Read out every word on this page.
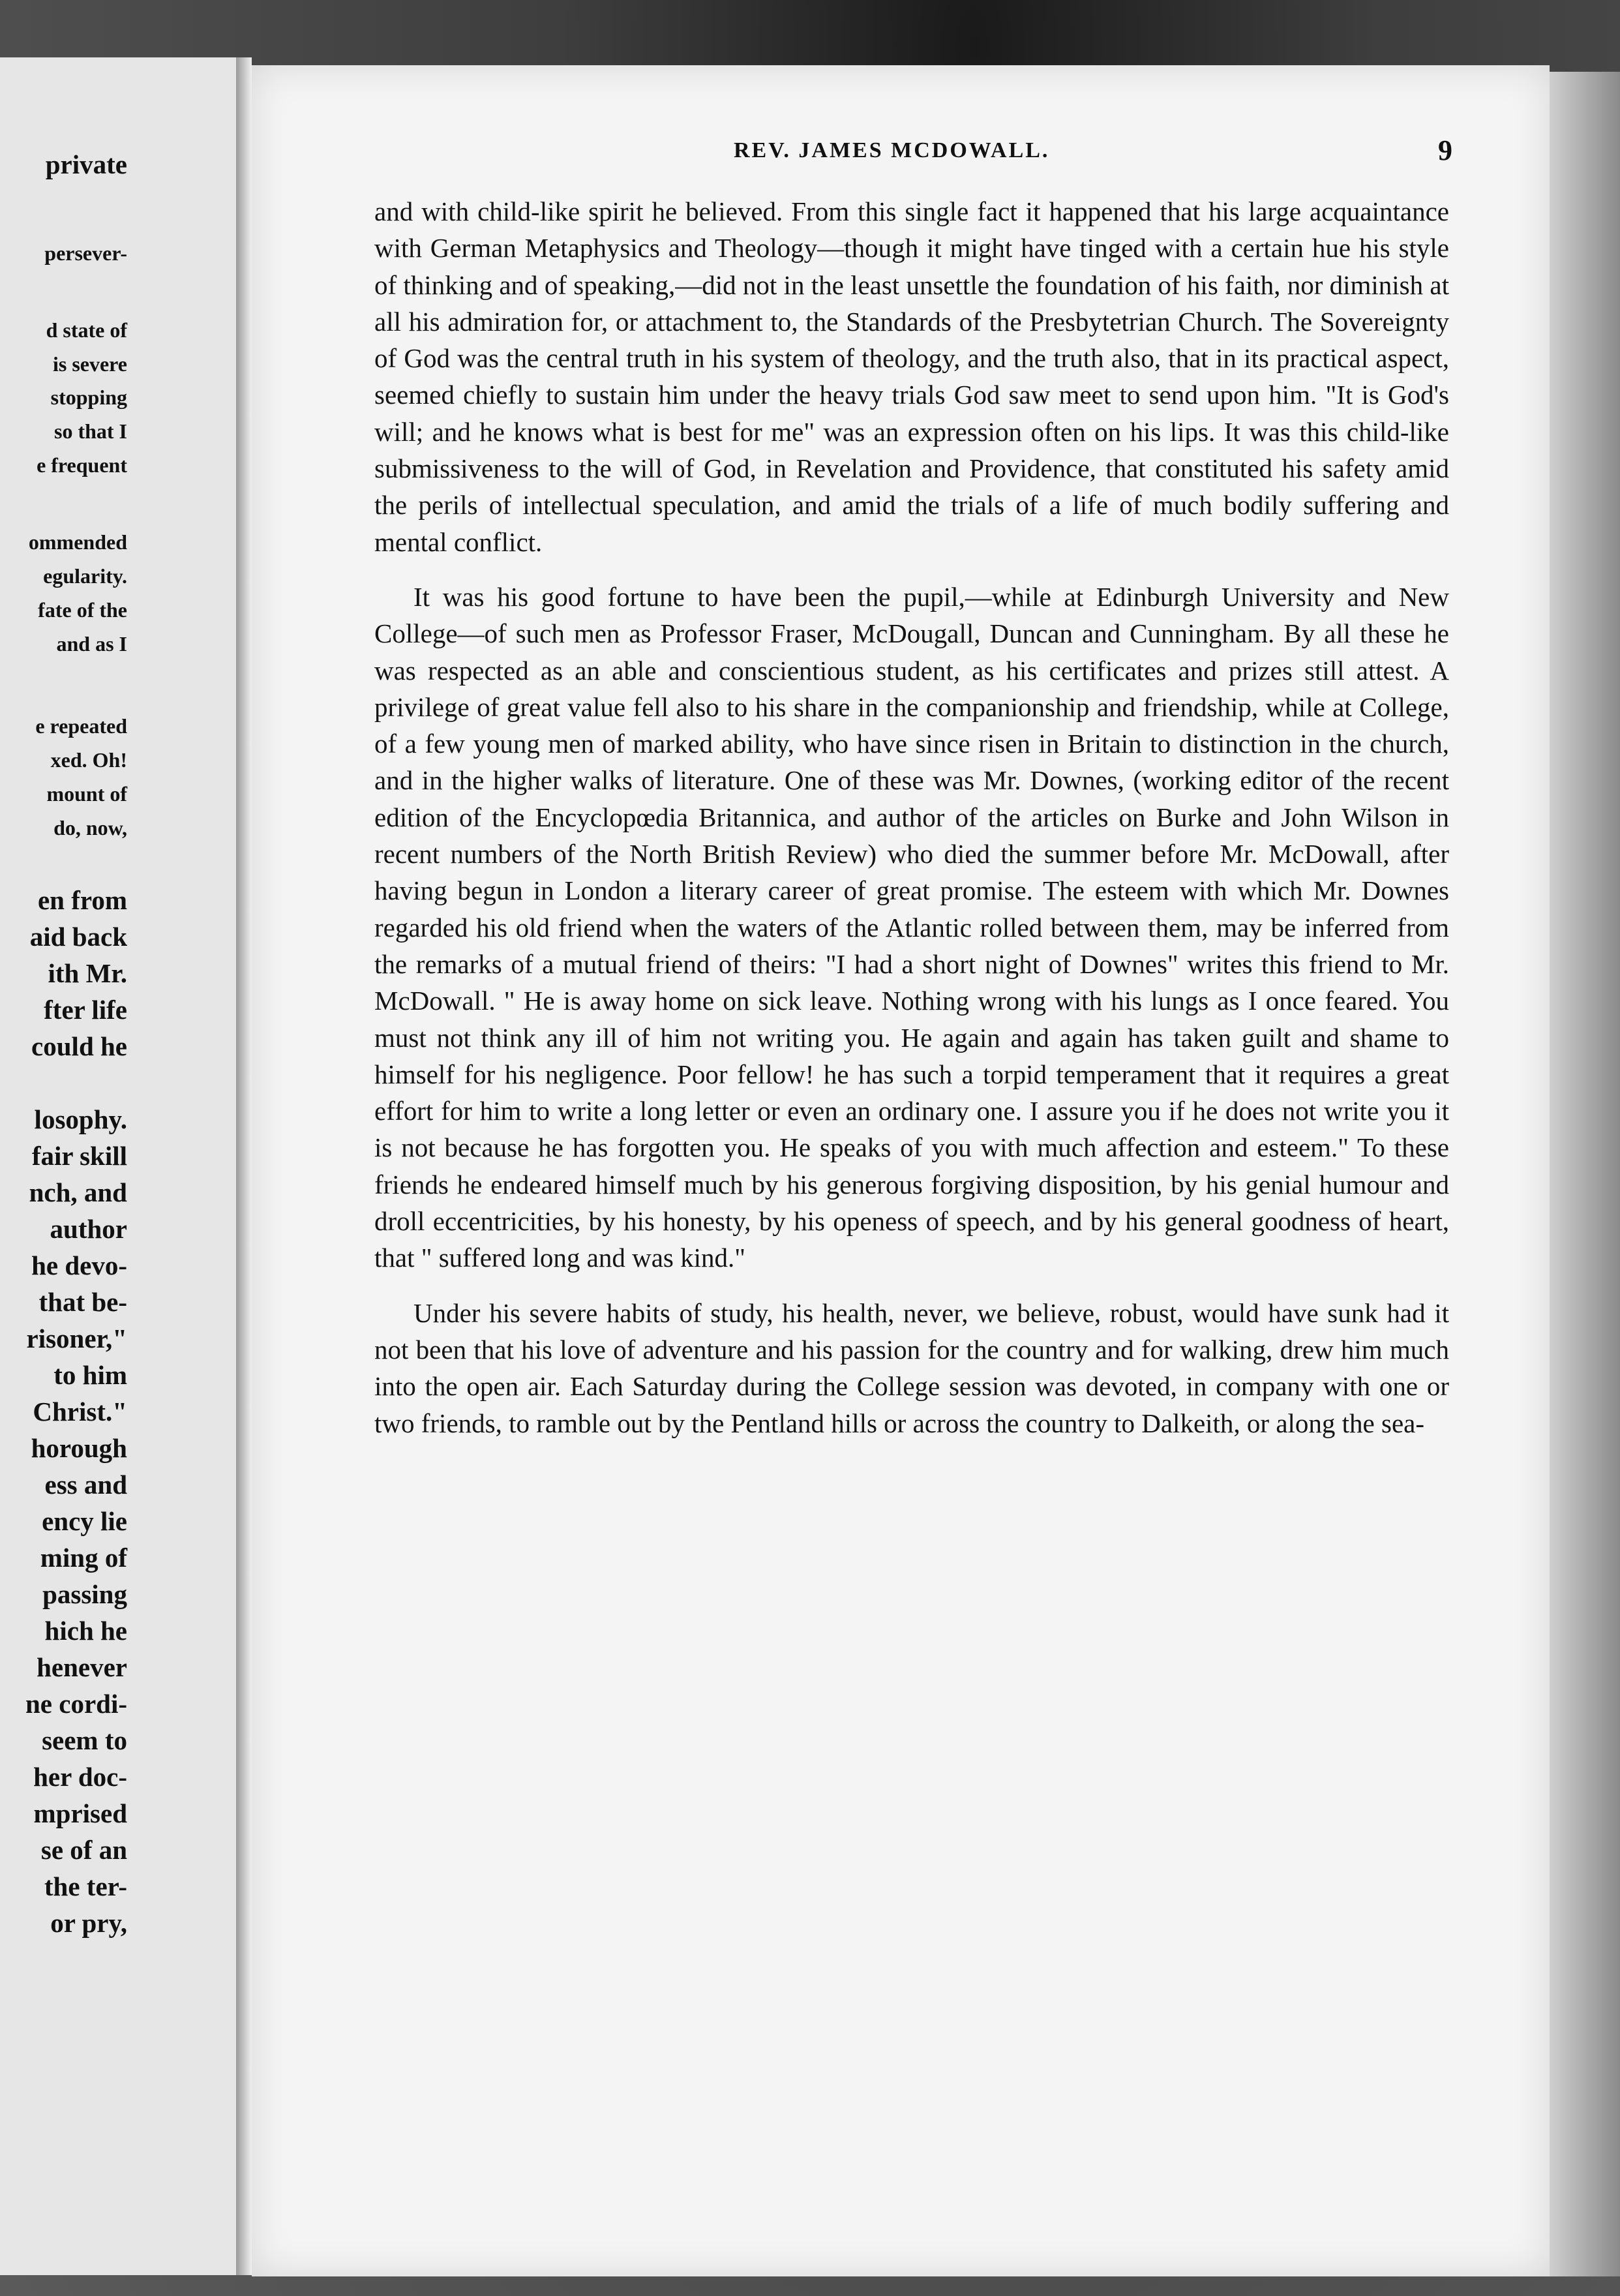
private
persever-
d state of
is severe
stopping
so that I
e frequent
ommended
egularity.
fate of the
and as I
e repeated
xed. Oh!
mount of
do, now,
en from
aid back
ith Mr.
fter life
could he
losophy.
fair skill
nch, and
author
he devo-
that be-
risoner,"
to him
Christ."
horough
ess and
ency lie
ming of
passing
hich he
henever
ne cordi-
seem to
her doc-
mprised
se of an
the ter-
or pry,
REV. JAMES MCDOWALL.	9

and with child-like spirit he believed. From this single fact it happened that his large acquaintance with German Metaphysics and Theology—though it might have tinged with a certain hue his style of thinking and of speaking,—did not in the least unsettle the foundation of his faith, nor diminish at all his admiration for, or attachment to, the Standards of the Presbytetrian Church. The Sovereignty of God was the central truth in his system of theology, and the truth also, that in its practical aspect, seemed chiefly to sustain him under the heavy trials God saw meet to send upon him. "It is God's will; and he knows what is best for me" was an expression often on his lips. It was this child-like submissiveness to the will of God, in Revelation and Providence, that constituted his safety amid the perils of intellectual speculation, and amid the trials of a life of much bodily suffering and mental conflict.

It was his good fortune to have been the pupil,—while at Edinburgh University and New College—of such men as Professor Fraser, McDougall, Duncan and Cunningham. By all these he was respected as an able and conscientious student, as his certificates and prizes still attest. A privilege of great value fell also to his share in the companionship and friendship, while at College, of a few young men of marked ability, who have since risen in Britain to distinction in the church, and in the higher walks of literature. One of these was Mr. Downes, (working editor of the recent edition of the Encyclopœdia Britannica, and author of the articles on Burke and John Wilson in recent numbers of the North British Review) who died the summer before Mr. McDowall, after having begun in London a literary career of great promise. The esteem with which Mr. Downes regarded his old friend when the waters of the Atlantic rolled between them, may be inferred from the remarks of a mutual friend of theirs: "I had a short night of Downes" writes this friend to Mr. McDowall. " He is away home on sick leave. Nothing wrong with his lungs as I once feared. You must not think any ill of him not writing you. He again and again has taken guilt and shame to himself for his negligence. Poor fellow! he has such a torpid temperament that it requires a great effort for him to write a long letter or even an ordinary one. I assure you if he does not write you it is not because he has forgotten you. He speaks of you with much affection and esteem." To these friends he endeared himself much by his generous forgiving disposition, by his genial humour and droll eccentricities, by his honesty, by his openess of speech, and by his general goodness of heart, that " suffered long and was kind."

Under his severe habits of study, his health, never, we believe, robust, would have sunk had it not been that his love of adventure and his passion for the country and for walking, drew him much into the open air. Each Saturday during the College session was devoted, in company with one or two friends, to ramble out by the Pentland hills or across the country to Dalkeith, or along the sea-
